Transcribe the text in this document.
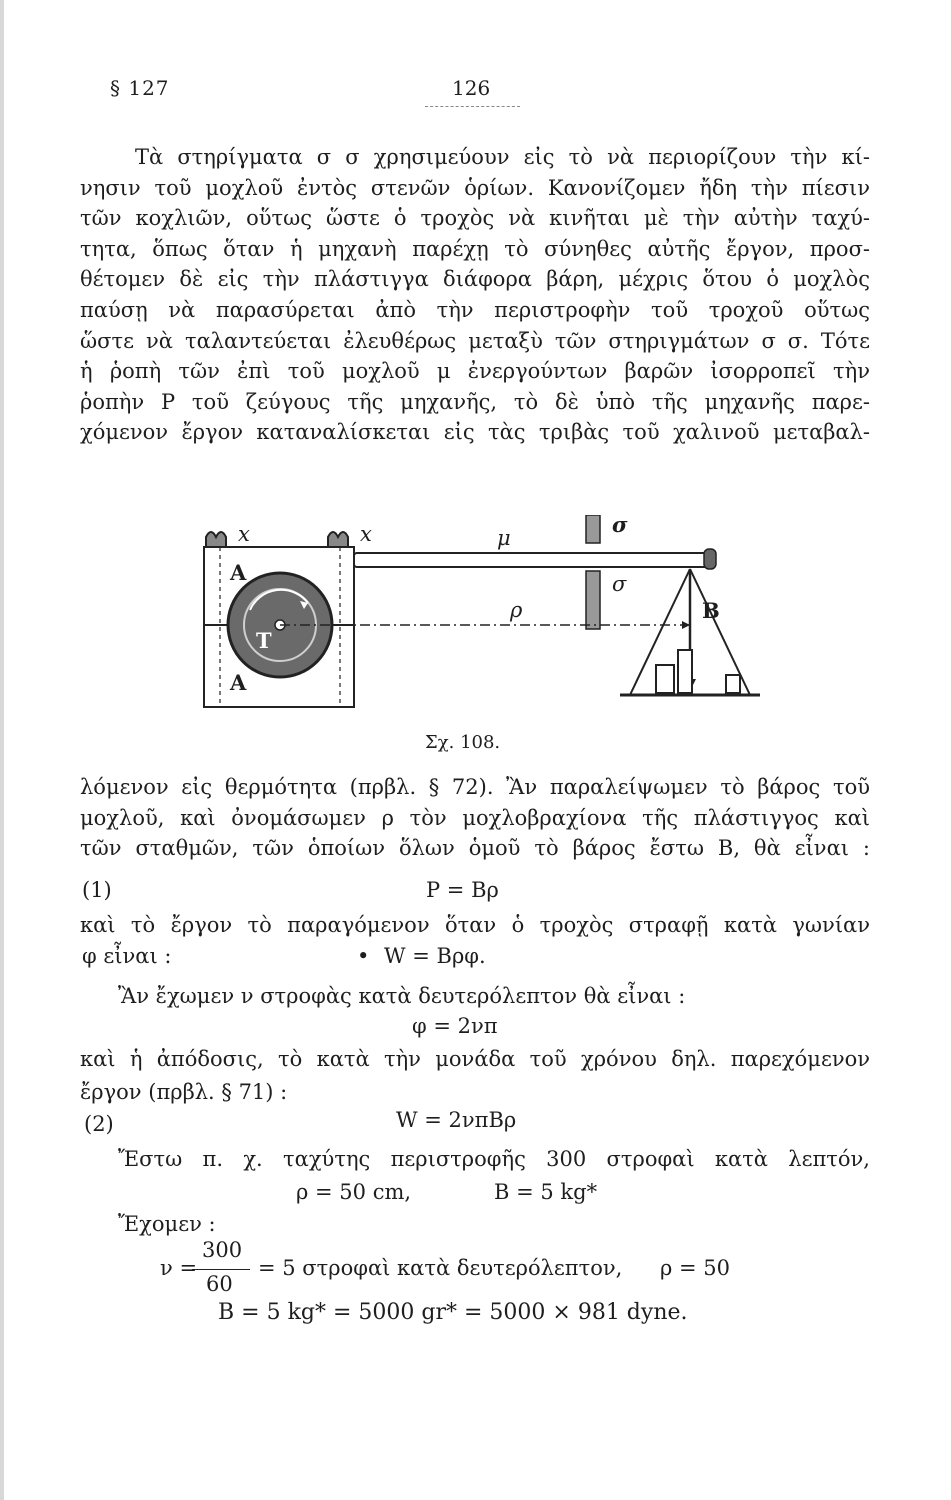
§ 127	126
Τὰ στηρίγματα σ σ χρησιμεύουν εἰς τὸ νὰ περιορίζουν τὴν κί-
νησιν τοῦ μοχλοῦ ἐντὸς στενῶν ὁρίων. Κανονίζομεν ἤδη τὴν πίεσιν
τῶν κοχλιῶν, οὕτως ὥστε ὁ τροχὸς νὰ κινῆται μὲ τὴν αὐτὴν ταχύ-
τητα, ὅπως ὅταν ἡ μηχανὴ παρέχῃ τὸ σύνηθες αὐτῆς ἔργον, προσ-
θέτομεν δὲ εἰς τὴν πλάστιγγα διάφορα βάρη, μέχρις ὅτου ὁ μοχλὸς
παύσῃ νὰ παρασύρεται ἀπὸ τὴν περιστροφὴν τοῦ τροχοῦ οὕτως
ὥστε νὰ ταλαντεύεται ἐλευθέρως μεταξὺ τῶν στηριγμάτων σ σ. Τότε
ἡ ῥοπὴ τῶν ἐπὶ τοῦ μοχλοῦ μ ἐνεργούντων βαρῶν ἰσορροπεῖ τὴν
ῥοπὴν P τοῦ ζεύγους τῆς μηχανῆς, τὸ δὲ ὑπὸ τῆς μηχανῆς παρε-
χόμενον ἔργον καταναλίσκεται εἰς τὰς τριβὰς τοῦ χαλινοῦ μεταβαλ-
x	x
A
A
T
μ
ρ
σ
σ
B
Σχ. 108.
λόμενον εἰς θερμότητα (πρβλ. § 72). Ἂν παραλείψωμεν τὸ βάρος τοῦ
μοχλοῦ, καὶ ὀνομάσωμεν ρ τὸν μοχλοβραχίονα τῆς πλάστιγγος καὶ
τῶν σταθμῶν, τῶν ὁποίων ὅλων ὁμοῦ τὸ βάρος ἔστω B, θὰ εἶναι :
(1)	P = Bρ
καὶ τὸ ἔργον τὸ παραγόμενον ὅταν ὁ τροχὸς στραφῇ κατὰ γωνίαν
φ εἶναι :	• W = Bρφ.
Ἂν ἔχωμεν ν στροφὰς κατὰ δευτερόλεπτον θὰ εἶναι :
φ = 2νπ
καὶ ἡ ἀπόδοσις, τὸ κατὰ τὴν μονάδα τοῦ χρόνου δηλ. παρεχόμενον
ἔργον (πρβλ. § 71) :
(2)	W = 2νπBρ
Ἔστω π. χ. ταχύτης περιστροφῆς 300 στροφαὶ κατὰ λεπτόν,
ρ = 50 cm,	B = 5 kg*
Ἔχομεν :
ν =
300
60
= 5 στροφαὶ κατὰ δευτερόλεπτον, ρ = 50
B = 5 kg* = 5000 gr* = 5000 × 981 dyne.
